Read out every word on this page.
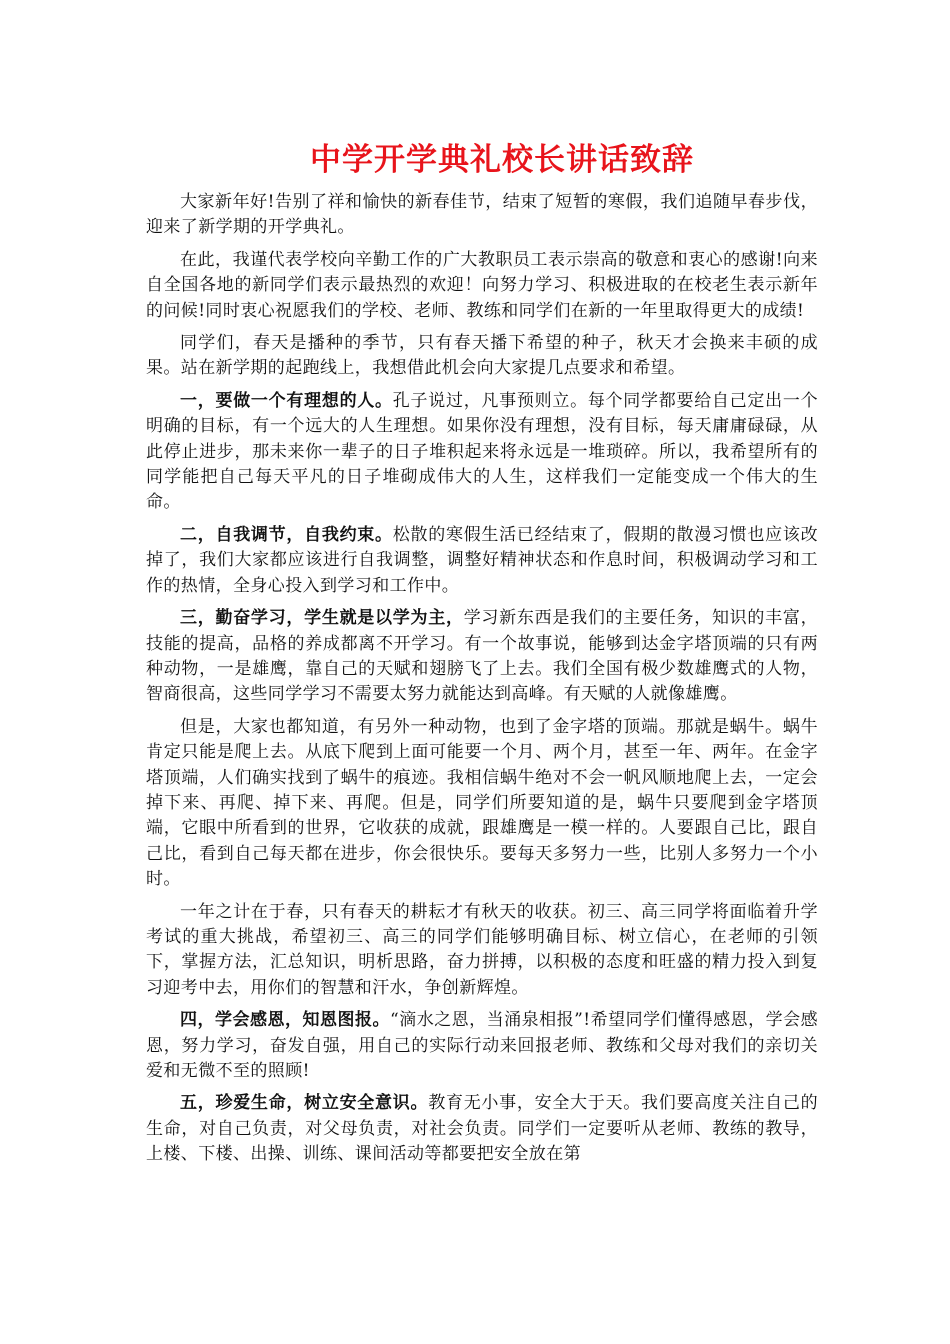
中学开学典礼校长讲话致辞

大家新年好!告别了祥和愉快的新春佳节，结束了短暂的寒假，我们追随早春步伐，迎来了新学期的开学典礼。

在此，我谨代表学校向辛勤工作的广大教职员工表示崇高的敬意和衷心的感谢!向来自全国各地的新同学们表示最热烈的欢迎！向努力学习、积极进取的在校老生表示新年的问候!同时衷心祝愿我们的学校、老师、教练和同学们在新的一年里取得更大的成绩!

同学们，春天是播种的季节，只有春天播下希望的种子，秋天才会换来丰硕的成果。站在新学期的起跑线上，我想借此机会向大家提几点要求和希望。

一，要做一个有理想的人。孔子说过，凡事预则立。每个同学都要给自己定出一个明确的目标，有一个远大的人生理想。如果你没有理想，没有目标，每天庸庸碌碌，从此停止进步，那未来你一辈子的日子堆积起来将永远是一堆琐碎。所以，我希望所有的同学能把自己每天平凡的日子堆砌成伟大的人生，这样我们一定能变成一个伟大的生命。

二，自我调节，自我约束。松散的寒假生活已经结束了，假期的散漫习惯也应该改掉了，我们大家都应该进行自我调整，调整好精神状态和作息时间，积极调动学习和工作的热情，全身心投入到学习和工作中。

三，勤奋学习，学生就是以学为主，学习新东西是我们的主要任务，知识的丰富，技能的提高，品格的养成都离不开学习。有一个故事说，能够到达金字塔顶端的只有两种动物，一是雄鹰，靠自己的天赋和翅膀飞了上去。我们全国有极少数雄鹰式的人物，智商很高，这些同学学习不需要太努力就能达到高峰。有天赋的人就像雄鹰。

但是，大家也都知道，有另外一种动物，也到了金字塔的顶端。那就是蜗牛。蜗牛肯定只能是爬上去。从底下爬到上面可能要一个月、两个月，甚至一年、两年。在金字塔顶端，人们确实找到了蜗牛的痕迹。我相信蜗牛绝对不会一帆风顺地爬上去，一定会掉下来、再爬、掉下来、再爬。但是，同学们所要知道的是，蜗牛只要爬到金字塔顶端，它眼中所看到的世界，它收获的成就，跟雄鹰是一模一样的。人要跟自己比，跟自己比，看到自己每天都在进步，你会很快乐。要每天多努力一些，比别人多努力一个小时。

一年之计在于春，只有春天的耕耘才有秋天的收获。初三、高三同学将面临着升学考试的重大挑战，希望初三、高三的同学们能够明确目标、树立信心，在老师的引领下，掌握方法，汇总知识，明析思路，奋力拼搏，以积极的态度和旺盛的精力投入到复习迎考中去，用你们的智慧和汗水，争创新辉煌。

四，学会感恩，知恩图报。“滴水之恩，当涌泉相报”!希望同学们懂得感恩，学会感恩，努力学习，奋发自强，用自己的实际行动来回报老师、教练和父母对我们的亲切关爱和无微不至的照顾!

五，珍爱生命，树立安全意识。教育无小事，安全大于天。我们要高度关注自己的生命，对自己负责，对父母负责，对社会负责。同学们一定要听从老师、教练的教导，上楼、下楼、出操、训练、课间活动等都要把安全放在第
